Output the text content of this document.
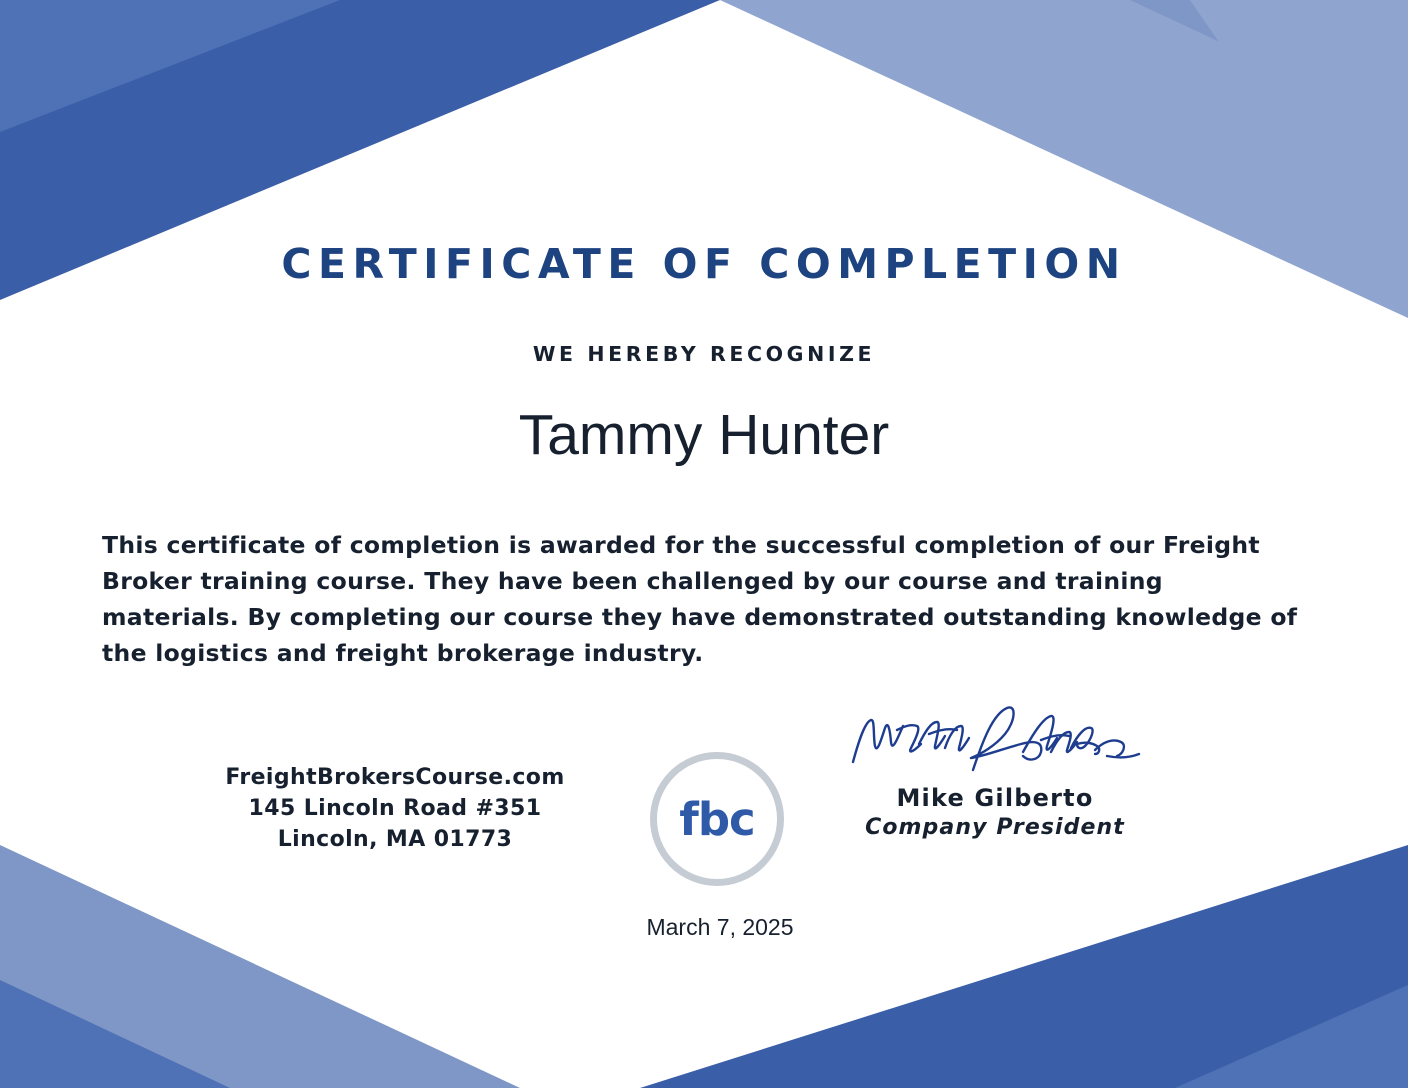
CERTIFICATE OF COMPLETION
WE HEREBY RECOGNIZE
Tammy Hunter
This certificate of completion is awarded for the successful completion of our Freight Broker training course. They have been challenged by our course and training materials. By completing our course they have demonstrated outstanding knowledge of the logistics and freight brokerage industry.
FreightBrokersCourse.com
145 Lincoln Road #351
Lincoln, MA 01773	fbc	Mike Gilberto
Company President
March 7, 2025
